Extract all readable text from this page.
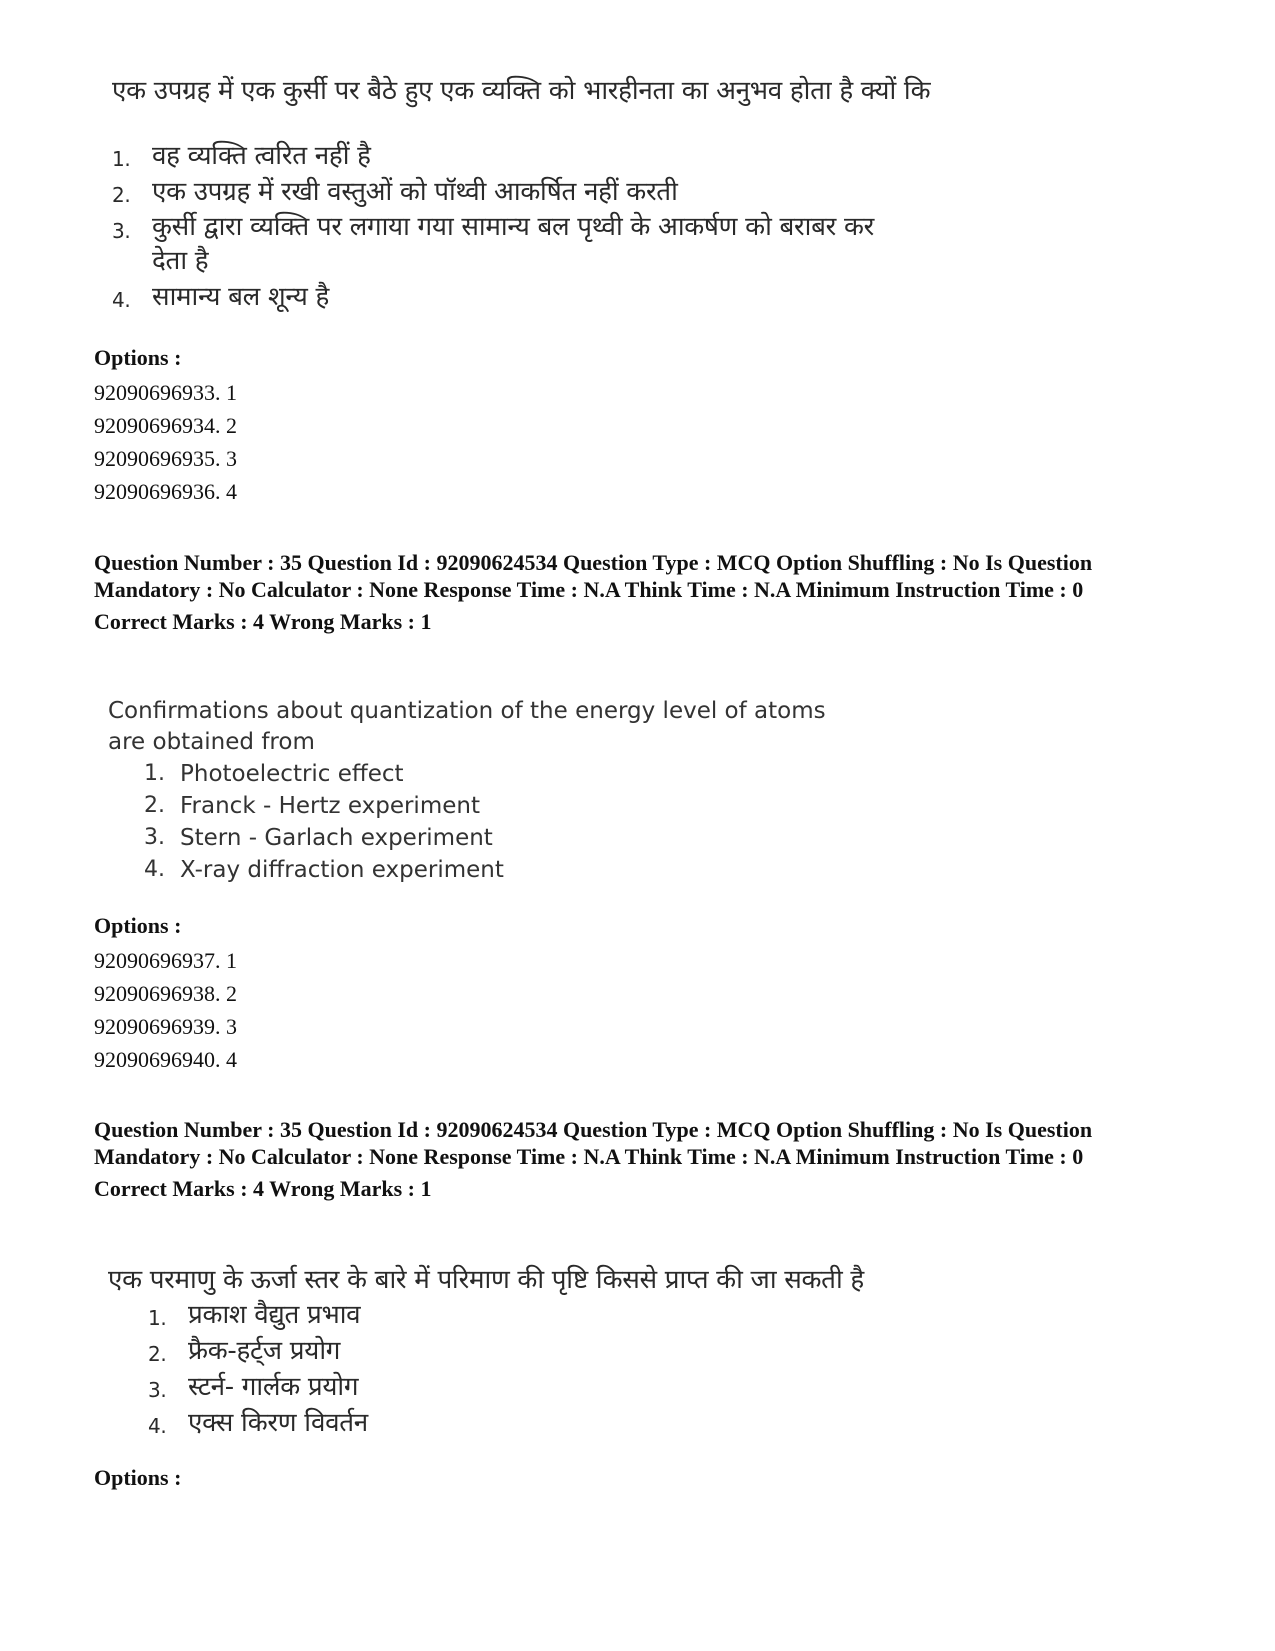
एक उपग्रह में एक कुर्सी पर बैठे हुए एक व्यक्ति को भारहीनता का अनुभव होता है क्यों कि

1. वह व्यक्ति त्वरित नहीं है
2. एक उपग्रह में रखी वस्तुओं को पॉथ्वी आकर्षित नहीं करती
3. कुर्सी द्वारा व्यक्ति पर लगाया गया सामान्य बल पृथ्वी के आकर्षण को बराबर कर देता है
4. सामान्य बल शून्य है
Options :
92090696933. 1
92090696934. 2
92090696935. 3
92090696936. 4
Question Number : 35 Question Id : 92090624534 Question Type : MCQ Option Shuffling : No Is Question Mandatory : No Calculator : None Response Time : N.A Think Time : N.A Minimum Instruction Time : 0
Correct Marks : 4 Wrong Marks : 1

Confirmations about quantization of the energy level of atoms are obtained from

1. Photoelectric effect
2. Franck - Hertz experiment
3. Stern - Garlach experiment
4. X-ray diffraction experiment
Options :
92090696937. 1
92090696938. 2
92090696939. 3
92090696940. 4
Question Number : 35 Question Id : 92090624534 Question Type : MCQ Option Shuffling : No Is Question Mandatory : No Calculator : None Response Time : N.A Think Time : N.A Minimum Instruction Time : 0
Correct Marks : 4 Wrong Marks : 1

एक परमाणु के ऊर्जा स्तर के बारे में परिमाण की पृष्टि किससे प्राप्त की जा सकती है

1. प्रकाश वैद्युत प्रभाव
2. फ्रैक-हर्ट्ज प्रयोग
3. स्टर्न- गार्लक प्रयोग
4. एक्स किरण विवर्तन
Options :
